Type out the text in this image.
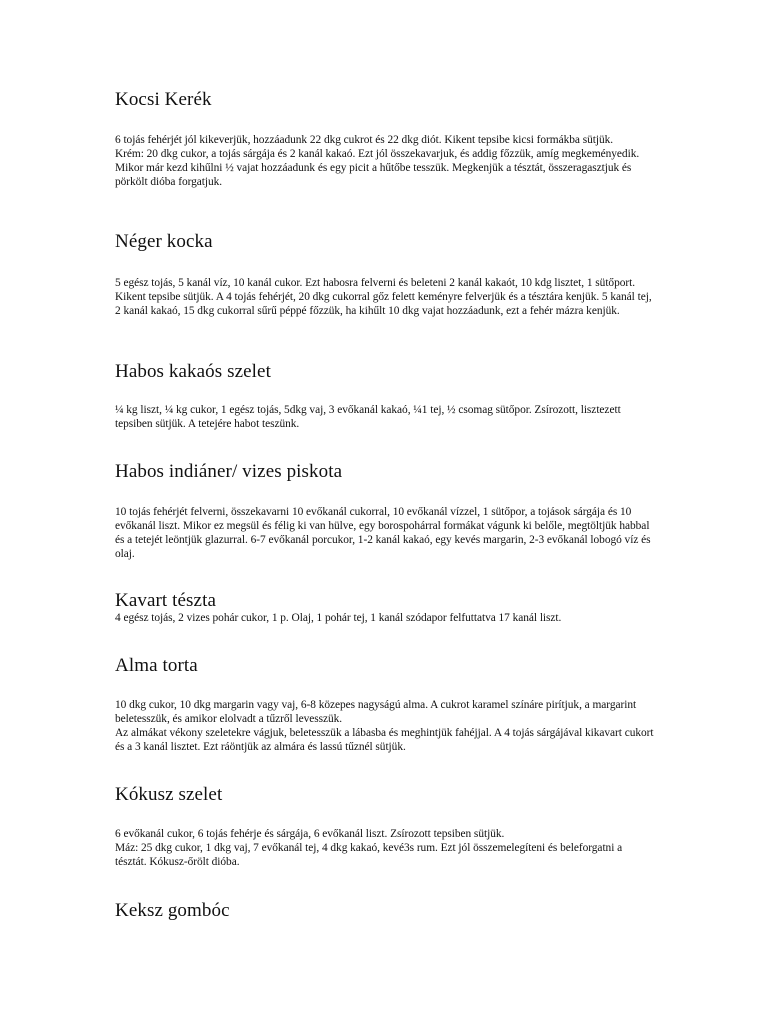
Kocsi Kerék

6 tojás fehérjét jól kikeverjük, hozzáadunk 22 dkg cukrot és 22 dkg diót. Kikent tepsibe kicsi formákba sütjük.

Krém: 20 dkg cukor, a tojás sárgája és 2 kanál kakaó. Ezt jól összekavarjuk, és addig főzzük, amíg megkeményedik. Mikor már kezd kihűlni ½ vajat hozzáadunk és egy picit a hűtőbe tesszük. Megkenjük a tésztát, összeragasztjuk és pörkölt dióba forgatjuk.

Néger kocka

5 egész tojás, 5 kanál víz, 10 kanál cukor. Ezt habosra felverni és beleteni 2 kanál kakaót, 10 kdg lisztet, 1 sütőport. Kikent tepsibe sütjük. A 4 tojás fehérjét, 20 dkg cukorral gőz felett keményre felverjük és a tésztára kenjük. 5 kanál tej, 2 kanál kakaó, 15 dkg cukorral sűrű péppé főzzük, ha kihűlt 10 dkg vajat hozzáadunk, ezt a fehér mázra kenjük.

Habos kakaós szelet

¼ kg liszt, ¼ kg cukor, 1 egész tojás, 5dkg vaj, 3 evőkanál kakaó, ¼1 tej, ½ csomag sütőpor. Zsírozott, lisztezett tepsiben sütjük. A tetejére habot teszünk.

Habos indiáner/ vizes piskota

10 tojás fehérjét felverni, összekavarni 10 evőkanál cukorral, 10 evőkanál vízzel, 1 sütőpor, a tojások sárgája és 10 evőkanál liszt. Mikor ez megsül és félig ki van hülve, egy borospohárral formákat vágunk ki belőle, megtöltjük habbal és a tetejét leöntjük glazurral. 6-7 evőkanál porcukor, 1-2 kanál kakaó, egy kevés margarin, 2-3 evőkanál lobogó víz és olaj.

Kavart tészta

4 egész tojás, 2 vizes pohár cukor, 1 p. Olaj, 1 pohár tej, 1 kanál szódapor felfuttatva 17 kanál liszt.

Alma torta

10 dkg cukor, 10 dkg margarin vagy vaj, 6-8 közepes nagyságú alma. A cukrot karamel színáre pirítjuk, a margarint beletesszük, és amikor elolvadt a tűzről levesszük.

Az almákat vékony szeletekre vágjuk, beletesszük a lábasba és meghintjük fahéjjal. A 4 tojás sárgájával kikavart cukort és a 3 kanál lisztet. Ezt ráöntjük az almára és lassú tűznél sütjük.

Kókusz szelet

6 evőkanál cukor, 6 tojás fehérje és sárgája, 6 evőkanál liszt. Zsírozott tepsiben sütjük.

Máz: 25 dkg cukor, 1 dkg vaj, 7 evőkanál tej, 4 dkg kakaó, kevé3s rum. Ezt jól összemelegíteni és beleforgatni a tésztát. Kókusz-őrölt dióba.

Keksz gombóc
